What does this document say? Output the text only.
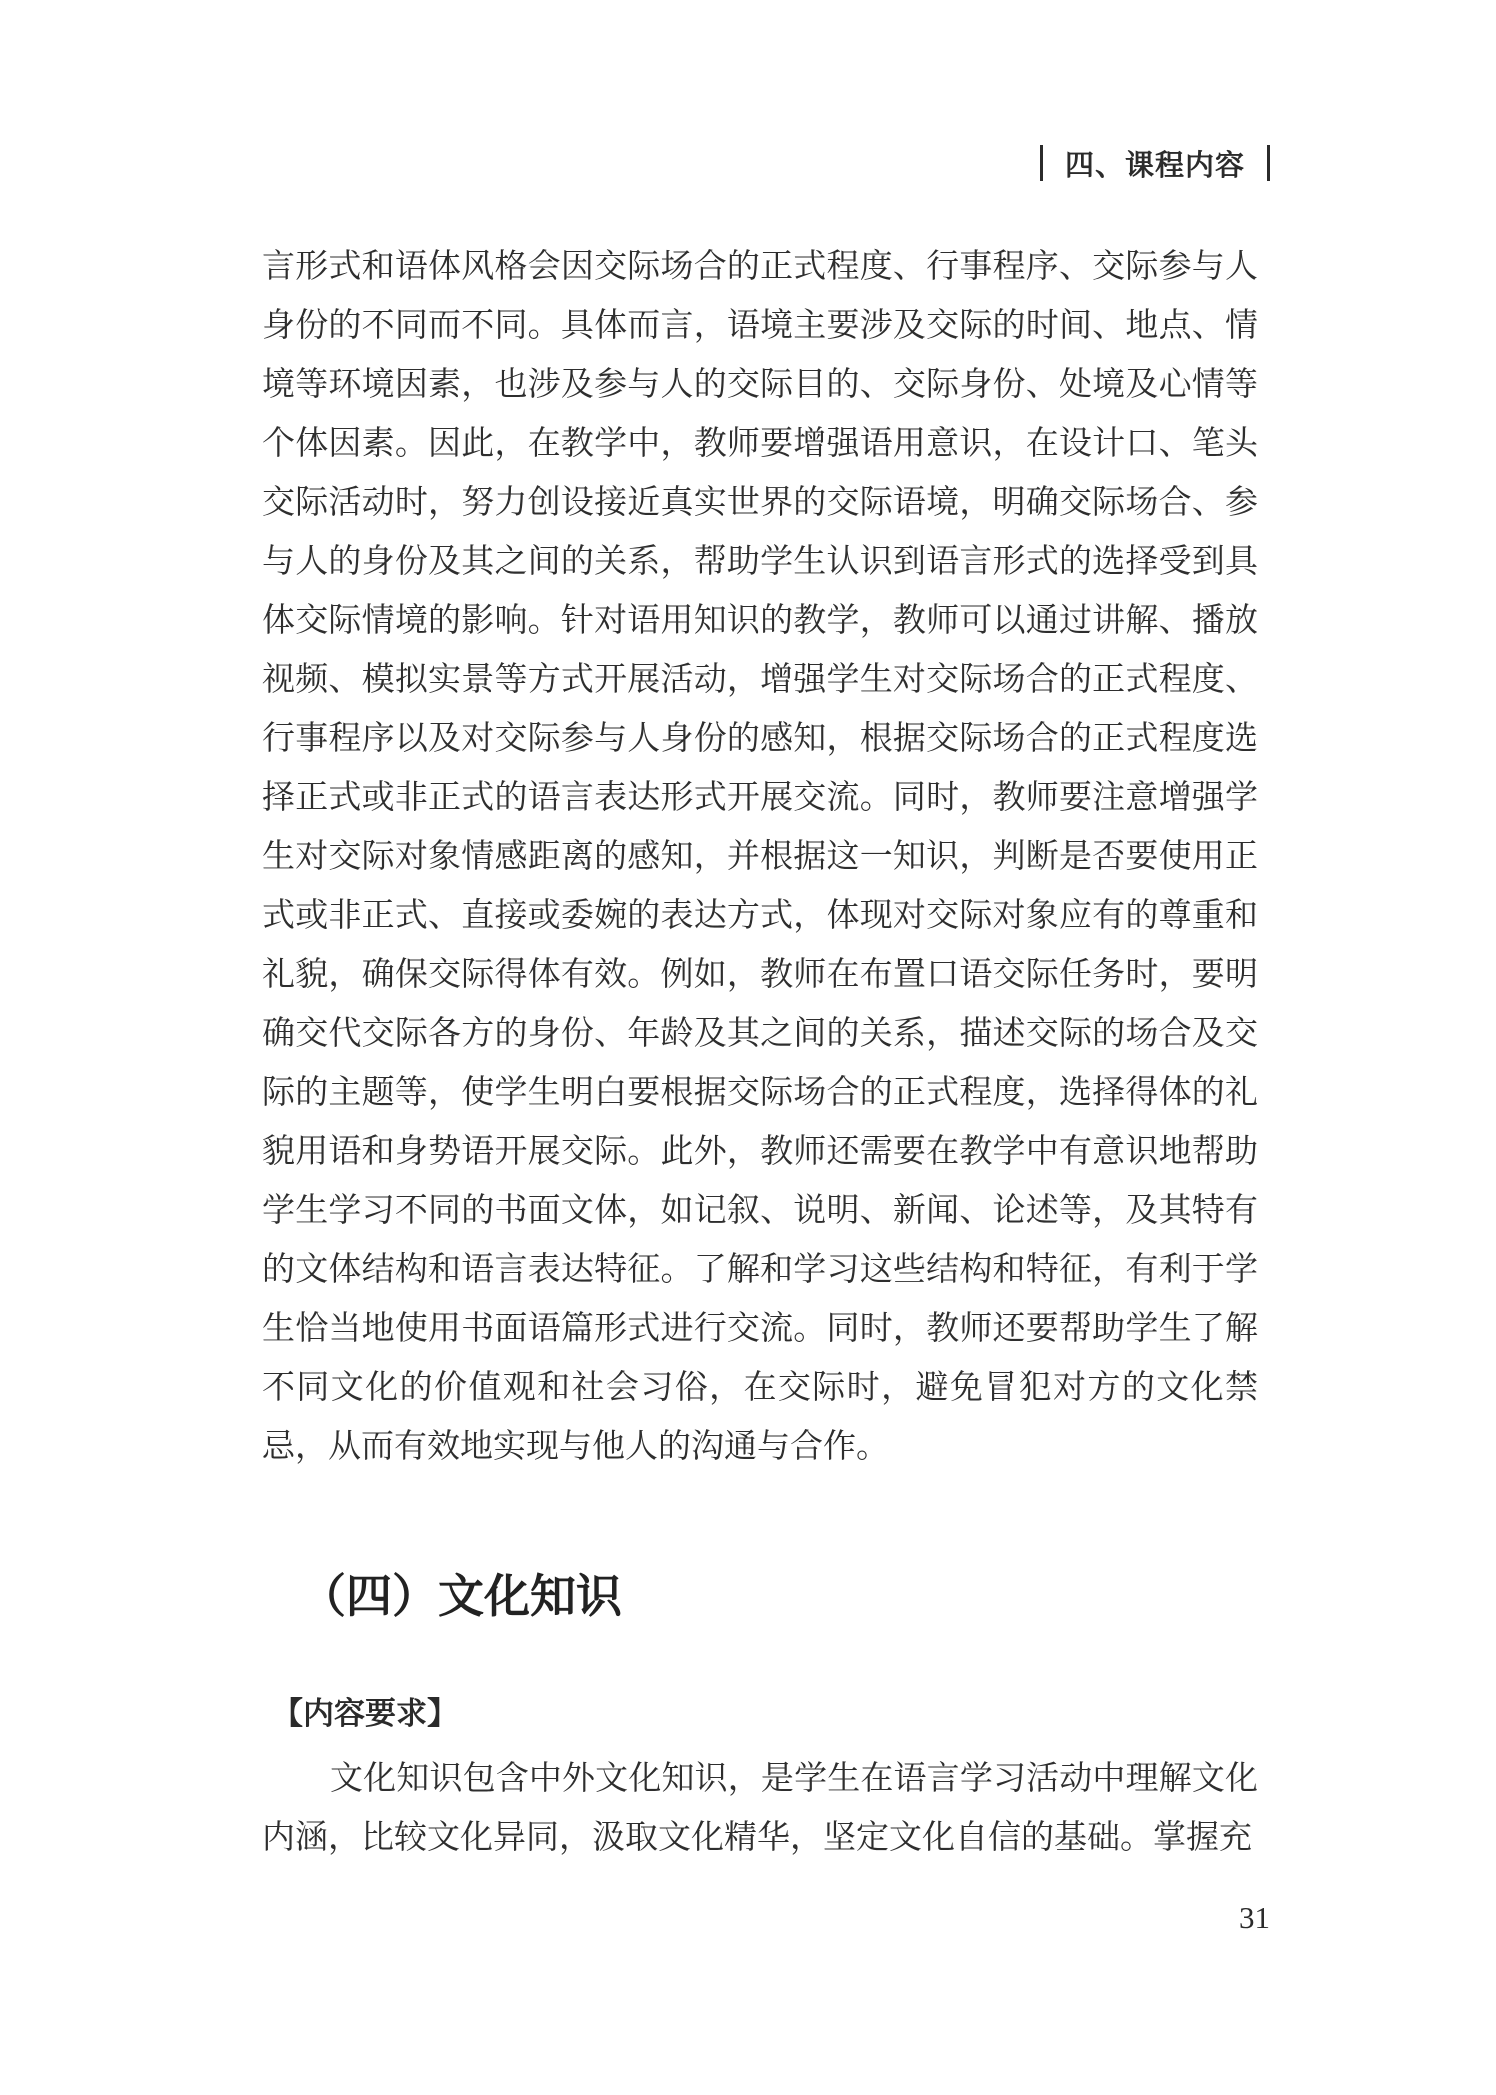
四、课程内容

言形式和语体风格会因交际场合的正式程度、行事程序、交际参与人身份的不同而不同。具体而言，语境主要涉及交际的时间、地点、情境等环境因素，也涉及参与人的交际目的、交际身份、处境及心情等个体因素。因此，在教学中，教师要增强语用意识，在设计口、笔头交际活动时，努力创设接近真实世界的交际语境，明确交际场合、参与人的身份及其之间的关系，帮助学生认识到语言形式的选择受到具体交际情境的影响。针对语用知识的教学，教师可以通过讲解、播放视频、模拟实景等方式开展活动，增强学生对交际场合的正式程度、行事程序以及对交际参与人身份的感知，根据交际场合的正式程度选择正式或非正式的语言表达形式开展交流。同时，教师要注意增强学生对交际对象情感距离的感知，并根据这一知识，判断是否要使用正式或非正式、直接或委婉的表达方式，体现对交际对象应有的尊重和礼貌，确保交际得体有效。例如，教师在布置口语交际任务时，要明确交代交际各方的身份、年龄及其之间的关系，描述交际的场合及交际的主题等，使学生明白要根据交际场合的正式程度，选择得体的礼貌用语和身势语开展交际。此外，教师还需要在教学中有意识地帮助学生学习不同的书面文体，如记叙、说明、新闻、论述等，及其特有的文体结构和语言表达特征。了解和学习这些结构和特征，有利于学生恰当地使用书面语篇形式进行交流。同时，教师还要帮助学生了解不同文化的价值观和社会习俗，在交际时，避免冒犯对方的文化禁忌，从而有效地实现与他人的沟通与合作。

（四）文化知识
【内容要求】

文化知识包含中外文化知识，是学生在语言学习活动中理解文化内涵，比较文化异同，汲取文化精华，坚定文化自信的基础。掌握充

31
